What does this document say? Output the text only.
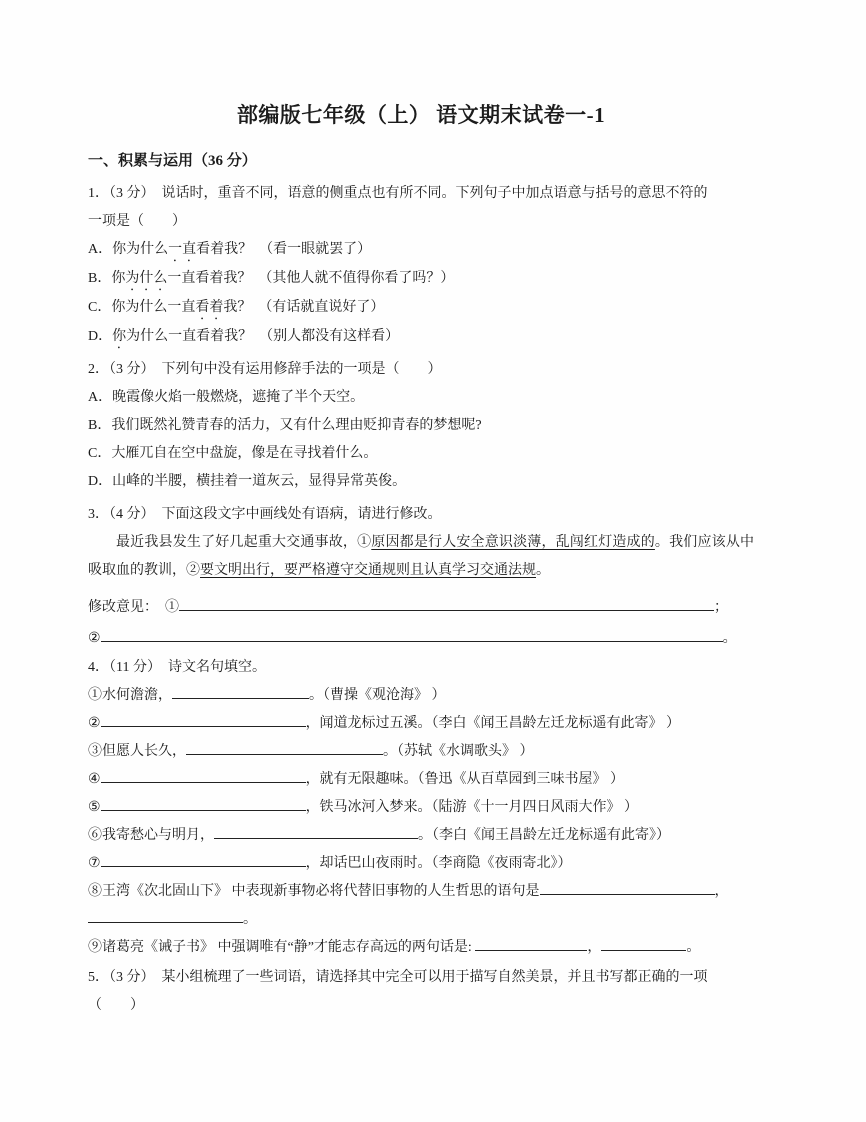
部编版七年级（上） 语文期末试卷一-1
一、积累与运用（36 分）

1．（3 分）　说话时，重音不同，语意的侧重点也有所不同。下列句子中加点语意与括号的意思不符的

一项是（　　）

A．你为什么一直看着我？　（看一眼就罢了）

B．你为什么一直看着我？　（其他人就不值得你看了吗？）

C．你为什么一直看着我？　（有话就直说好了）

D．你为什么一直看着我？　（别人都没有这样看）

2．（3 分）　下列句中没有运用修辞手法的一项是（　　）

A．晚霞像火焰一般燃烧，遮掩了半个天空。

B．我们既然礼赞青春的活力，又有什么理由贬抑青春的梦想呢?

C．大雁兀自在空中盘旋，像是在寻找着什么。

D．山峰的半腰，横挂着一道灰云，显得异常英俊。

3．（4 分）　下面这段文字中画线处有语病，请进行修改。

最近我县发生了好几起重大交通事故，①原因都是行人安全意识淡薄，乱闯红灯造成的。我们应该从中吸取血的教训，②要文明出行，要严格遵守交通规则且认真学习交通法规。

修改意见：　①	；

②	。

4．（11 分）　诗文名句填空。

①水何澹澹，	。（曹操《观沧海》 ）

②	，闻道龙标过五溪。（李白《闻王昌龄左迁龙标遥有此寄》 ）

③但愿人长久，	。（苏轼《水调歌头》 ）

④	，就有无限趣味。（鲁迅《从百草园到三味书屋》 ）

⑤	，铁马冰河入梦来。（陆游《十一月四日风雨大作》 ）

⑥我寄愁心与明月，	。（李白《闻王昌龄左迁龙标遥有此寄》）

⑦	，却话巴山夜雨时。（李商隐《夜雨寄北》）

⑧王湾《次北固山下》 中表现新事物必将代替旧事物的人生哲思的语句是	，

。

⑨诸葛亮《诫子书》 中强调唯有“静”才能志存高远的两句话是:	，	。

5．（3 分）　某小组梳理了一些词语，请选择其中完全可以用于描写自然美景，并且书写都正确的一项

（　　）
